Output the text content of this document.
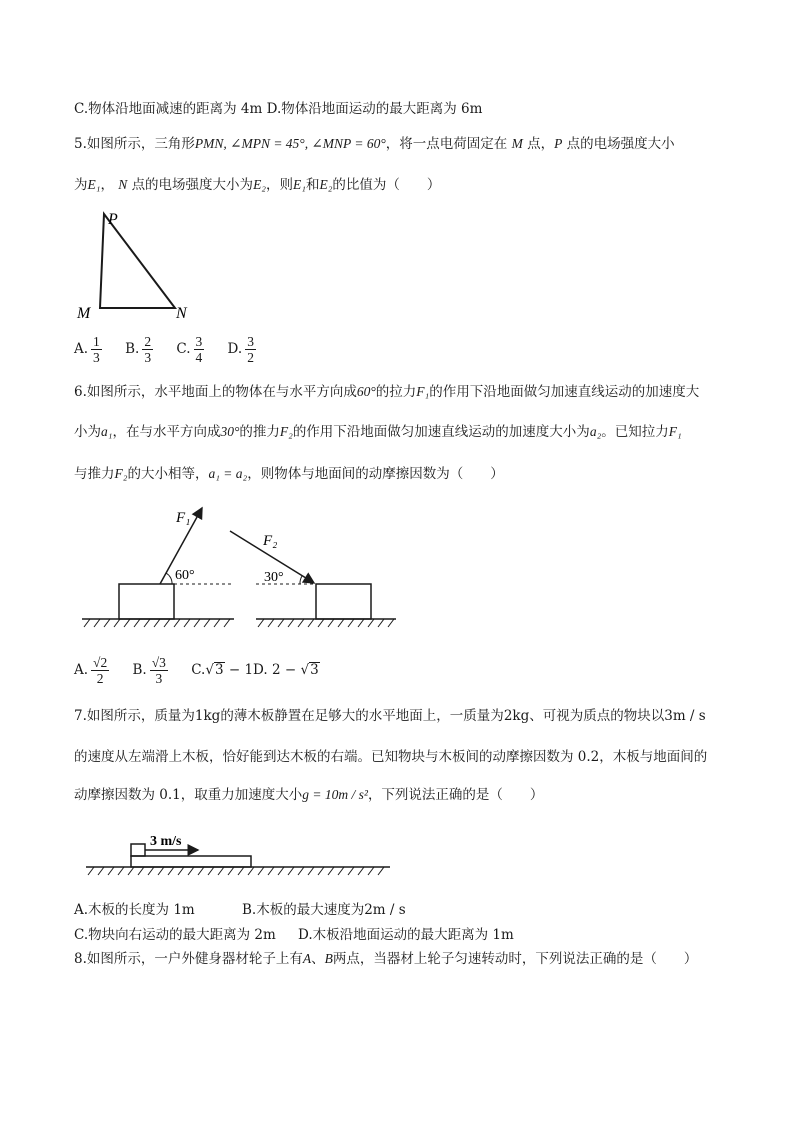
C.物体沿地面减速的距离为 4m D.物体沿地面运动的最大距离为 6m
5.如图所示，三角形PMN, ∠MPN = 45°, ∠MNP = 60°，将一点电荷固定在 M 点，P 点的电场强度大小
为E₁， N 点的电场强度大小为E₂，则E₁和E₂的比值为（　　）
P
M	N
A. $\frac{1}{3} B$. $\frac{2}{3} C$. $\frac{3}{4} D$. $\frac{3}{2}$
6.如图所示，水平地面上的物体在与水平方向成60°的拉力F₁的作用下沿地面做匀加速直线运动的加速度大
小为a₁，在与水平方向成30°的推力F₂的作用下沿地面做匀加速直线运动的加速度大小为a₂。已知拉力F₁
与推力F₂的大小相等，a₁ = a₂，则物体与地面间的动摩擦因数为（　　）
F₁
60°
F₂
30°
A. $\frac{√2}{2} B$. $\frac{√3}{3} C.√3 - 1D$. 2 − √3
7.如图所示，质量为1kg的薄木板静置在足够大的水平地面上，一质量为2kg、可视为质点的物块以3m / s
的速度从左端滑上木板，恰好能到达木板的右端。已知物块与木板间的动摩擦因数为 0.2，木板与地面间的
动摩擦因数为 0.1，取重力加速度大小g = 10m / s²，下列说法正确的是（　　）
3 m/s
A.木板的长度为 1m	B.木板的最大速度为2m / s
C.物块向右运动的最大距离为 2m D.木板沿地面运动的最大距离为 1m
8.如图所示，一户外健身器材轮子上有A、B两点，当器材上轮子匀速转动时，下列说法正确的是（　　）
